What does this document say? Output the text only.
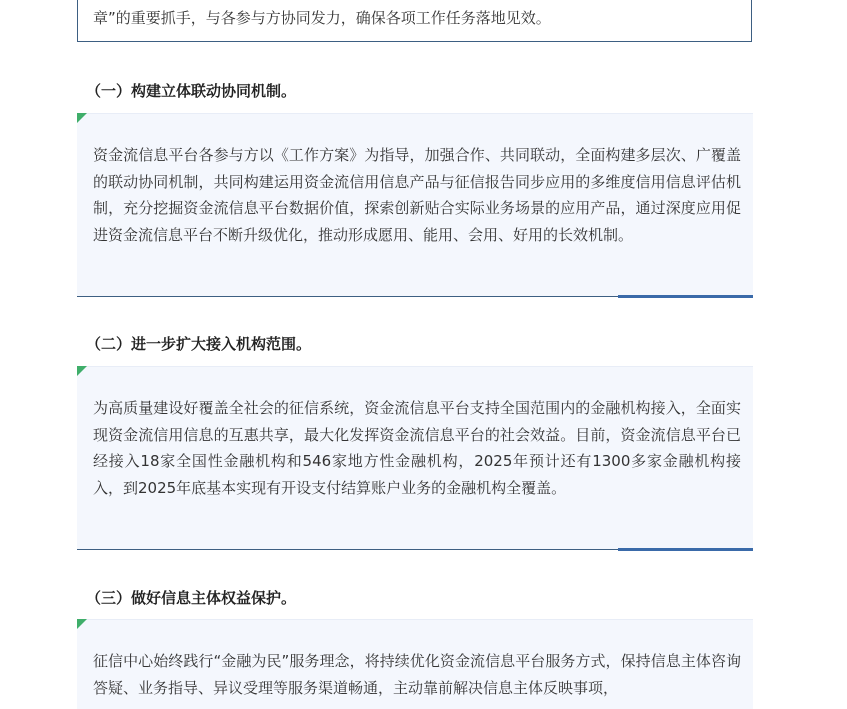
章”的重要抓手，与各参与方协同发力，确保各项工作任务落地见效。
（一）构建立体联动协同机制。

资金流信息平台各参与方以《工作方案》为指导，加强合作、共同联动，全面构建多层次、广覆盖的联动协同机制，共同构建运用资金流信用信息产品与征信报告同步应用的多维度信用信息评估机制，充分挖掘资金流信息平台数据价值，探索创新贴合实际业务场景的应用产品，通过深度应用促进资金流信息平台不断升级优化，推动形成愿用、能用、会用、好用的长效机制。

（二）进一步扩大接入机构范围。

为高质量建设好覆盖全社会的征信系统，资金流信息平台支持全国范围内的金融机构接入，全面实现资金流信用信息的互惠共享，最大化发挥资金流信息平台的社会效益。目前，资金流信息平台已经接入18家全国性金融机构和546家地方性金融机构，2025年预计还有1300多家金融机构接入，到2025年底基本实现有开设支付结算账户业务的金融机构全覆盖。

（三）做好信息主体权益保护。

征信中心始终践行“金融为民”服务理念，将持续优化资金流信息平台服务方式，保持信息主体咨询答疑、业务指导、异议受理等服务渠道畅通，主动靠前解决信息主体反映事项，
